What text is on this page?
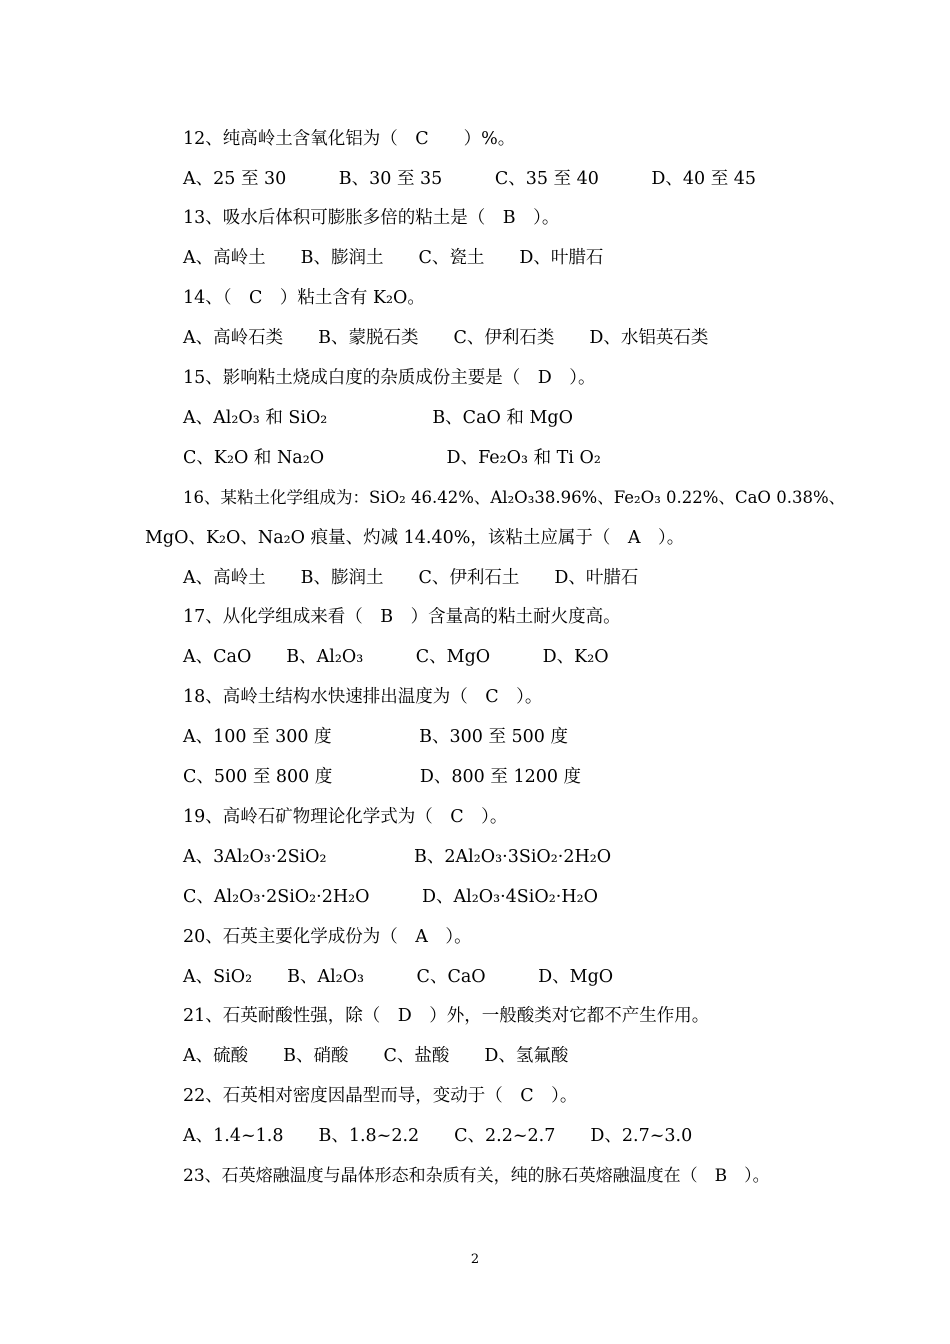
12、纯高岭土含氧化铝为（　C　　）%。
A、25 至 30　　　B、30 至 35　　　C、35 至 40　　　D、40 至 45
13、吸水后体积可膨胀多倍的粘土是（　B　）。
A、高岭土　　B、膨润土　　C、瓷土　　D、叶腊石
14、（　C　）粘土含有 K₂O。
A、高岭石类　　B、蒙脱石类　　C、伊利石类　　D、水铝英石类
15、影响粘土烧成白度的杂质成份主要是（　D　）。
A、Al₂O₃ 和 SiO₂　　　　　　B、CaO 和 MgO
C、K₂O 和 Na₂O　　　　　　　D、Fe₂O₃ 和 Ti O₂
16、某粘土化学组成为：SiO₂ 46.42%、Al₂O₃38.96%、Fe₂O₃ 0.22%、CaO 0.38%、
MgO、K₂O、Na₂O 痕量、灼减 14.40%，该粘土应属于（　A　）。
A、高岭土　　B、膨润土　　C、伊利石土　　D、叶腊石
17、从化学组成来看（　B　）含量高的粘土耐火度高。
A、CaO　　B、Al₂O₃　　　C、MgO　　　D、K₂O
18、高岭土结构水快速排出温度为（　C　）。
A、100 至 300 度　　　　　B、300 至 500 度
C、500 至 800 度　　　　　D、800 至 1200 度
19、高岭石矿物理论化学式为（　C　）。
A、3Al₂O₃·2SiO₂　　　　　B、2Al₂O₃·3SiO₂·2H₂O
C、Al₂O₃·2SiO₂·2H₂O　　　D、Al₂O₃·4SiO₂·H₂O
20、石英主要化学成份为（　A　）。
A、SiO₂　　B、Al₂O₃　　　C、CaO　　　D、MgO
21、石英耐酸性强，除（　D　）外，一般酸类对它都不产生作用。
A、硫酸　　B、硝酸　　C、盐酸　　D、氢氟酸
22、石英相对密度因晶型而导，变动于（　C　）。
A、1.4~1.8　　B、1.8~2.2　　C、2.2~2.7　　D、2.7~3.0
23、石英熔融温度与晶体形态和杂质有关，纯的脉石英熔融温度在（　B　）。
2
